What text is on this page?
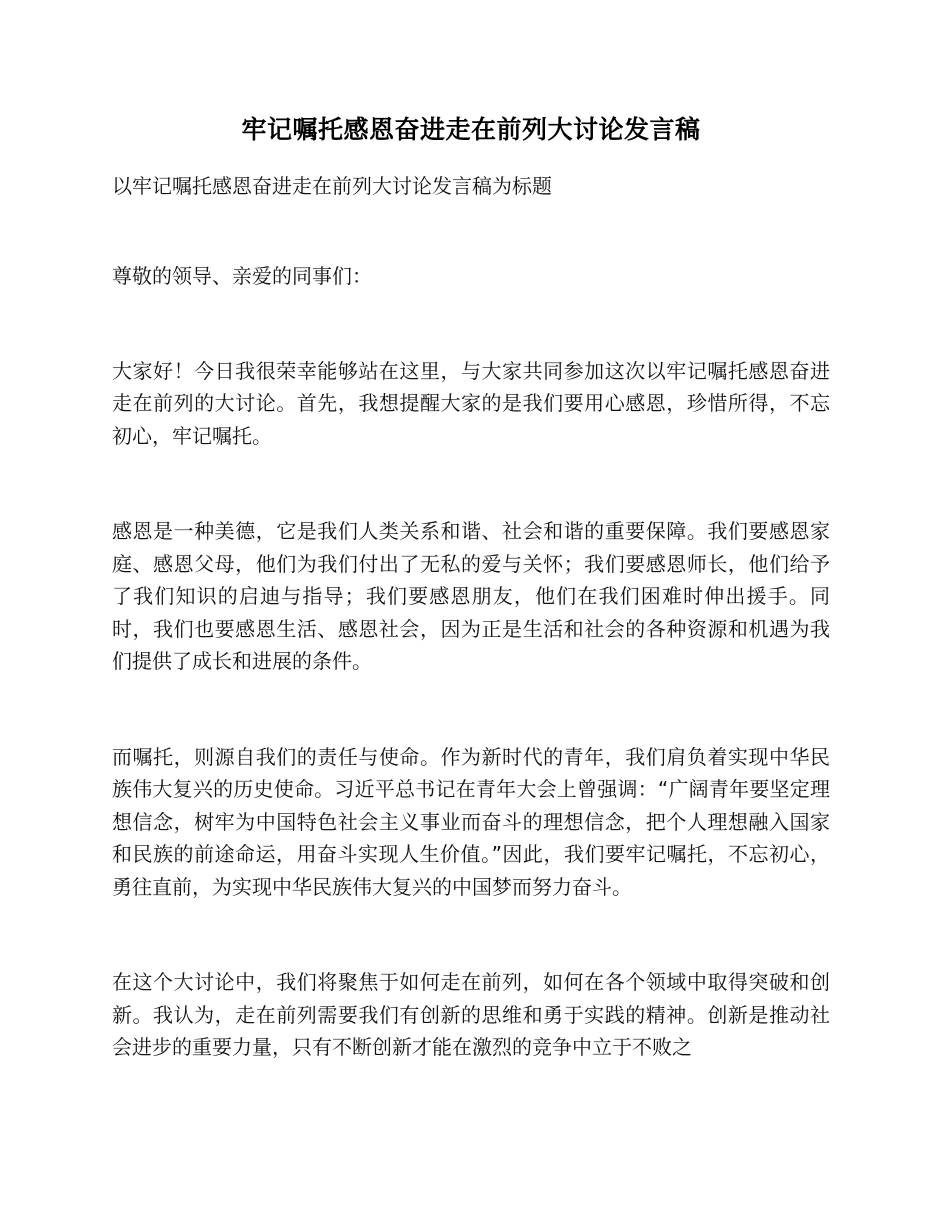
牢记嘱托感恩奋进走在前列大讨论发言稿

以牢记嘱托感恩奋进走在前列大讨论发言稿为标题

尊敬的领导、亲爱的同事们：

大家好！今日我很荣幸能够站在这里，与大家共同参加这次以牢记嘱托感恩奋进走在前列的大讨论。首先，我想提醒大家的是我们要用心感恩，珍惜所得，不忘初心，牢记嘱托。

感恩是一种美德，它是我们人类关系和谐、社会和谐的重要保障。我们要感恩家庭、感恩父母，他们为我们付出了无私的爱与关怀；我们要感恩师长，他们给予了我们知识的启迪与指导；我们要感恩朋友，他们在我们困难时伸出援手。同时，我们也要感恩生活、感恩社会，因为正是生活和社会的各种资源和机遇为我们提供了成长和进展的条件。

而嘱托，则源自我们的责任与使命。作为新时代的青年，我们肩负着实现中华民族伟大复兴的历史使命。习近平总书记在青年大会上曾强调：“广阔青年要坚定理想信念，树牢为中国特色社会主义事业而奋斗的理想信念，把个人理想融入国家和民族的前途命运，用奋斗实现人生价值。”因此，我们要牢记嘱托，不忘初心，勇往直前，为实现中华民族伟大复兴的中国梦而努力奋斗。

在这个大讨论中，我们将聚焦于如何走在前列，如何在各个领域中取得突破和创新。我认为，走在前列需要我们有创新的思维和勇于实践的精神。创新是推动社会进步的重要力量，只有不断创新才能在激烈的竞争中立于不败之
